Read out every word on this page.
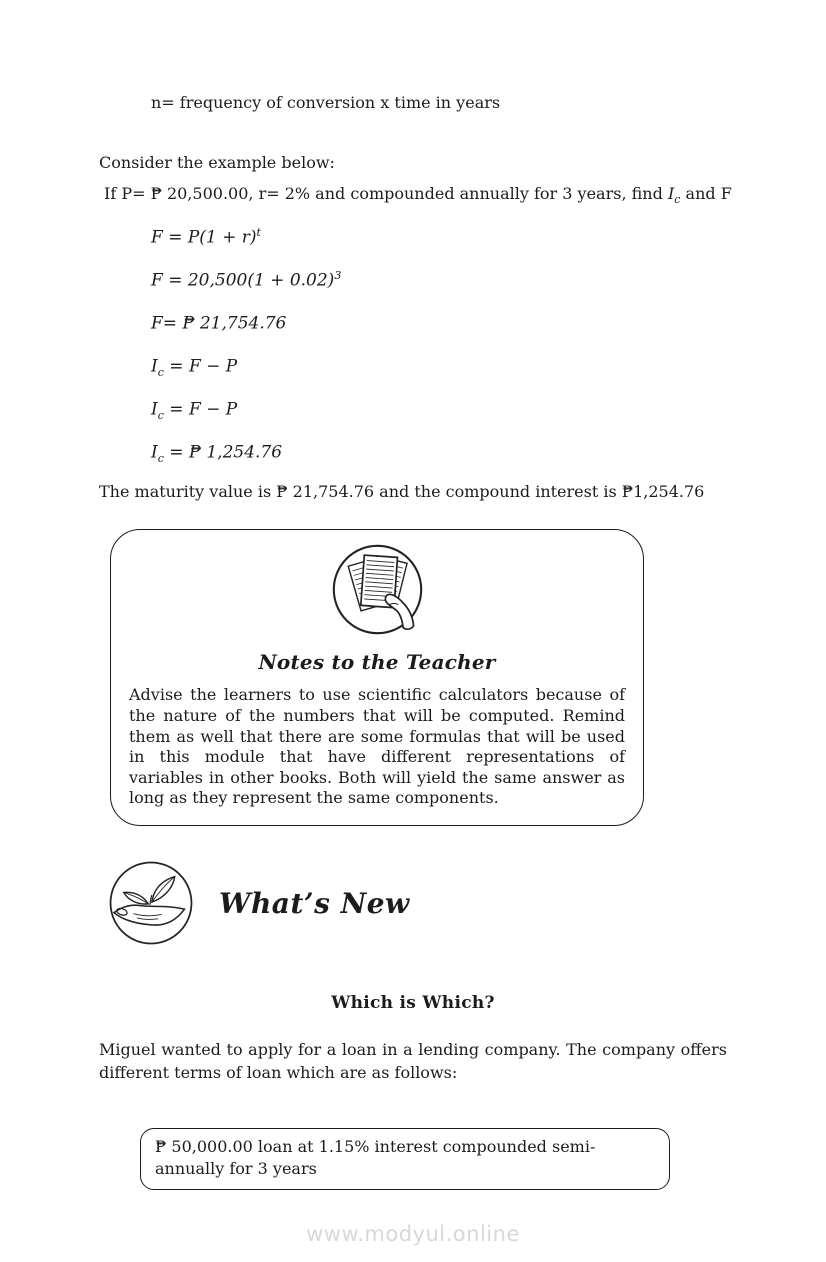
n= frequency of conversion x time in years

Consider the example below:

If P= ₱ 20,500.00, r= 2% and compounded annually for 3 years, find $I_c$ and F

$F = P(1 + r)^t$
$F = 20,500(1 + 0.02)^3$
F= ₱ 21,754.76
$I_c = F - P$
$I_c = F - P$
$I_c$ = ₱ 1,254.76

The maturity value is ₱ 21,754.76 and the compound interest is ₱1,254.76

Notes to the Teacher

Advise the learners to use scientific calculators because of the nature of the numbers that will be computed. Remind them as well that there are some formulas that will be used in this module that have different representations of variables in other books. Both will yield the same answer as long as they represent the same components.

What’s New
Which is Which?

Miguel wanted to apply for a loan in a lending company. The company offers different terms of loan which are as follows:

₱ 50,000.00 loan at 1.15% interest compounded semi-annually for 3 years
www.modyul.online
